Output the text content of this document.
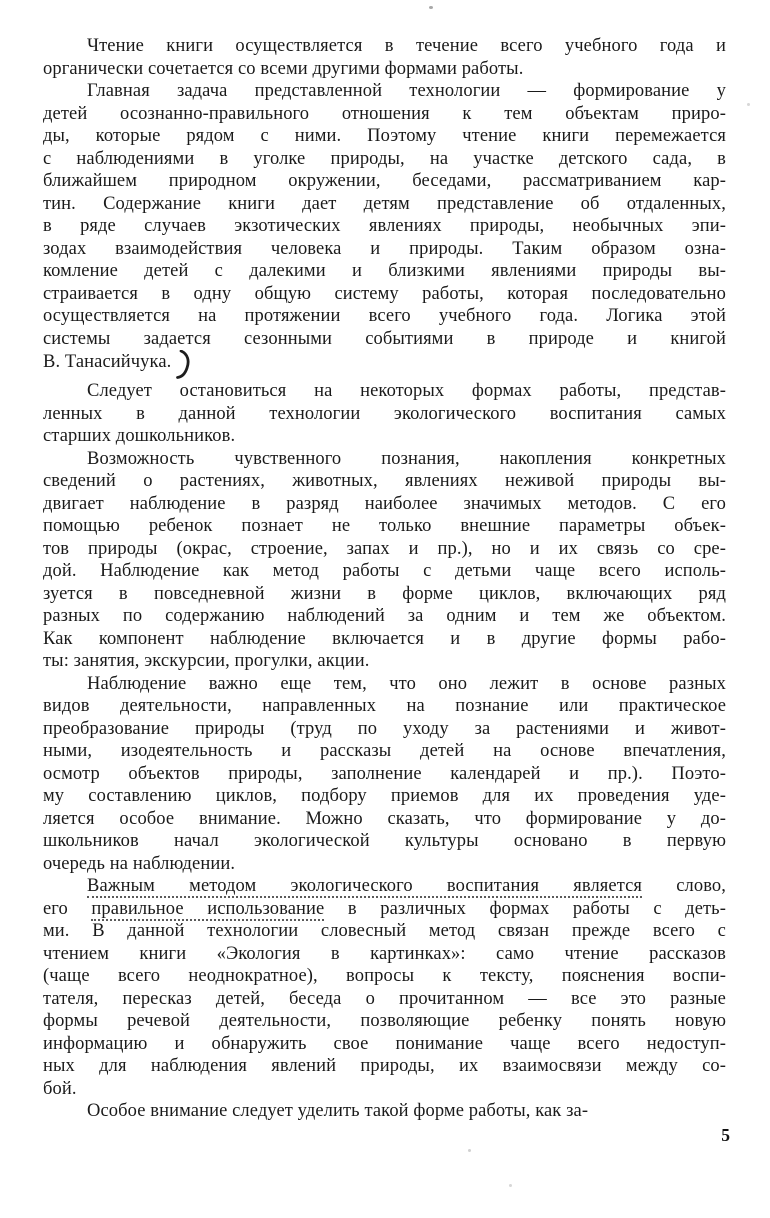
Чтение книги осуществляется в течение всего учебного года и
органически сочетается со всеми другими формами работы.
Главная задача представленной технологии — формирование у
детей осознанно-правильного отношения к тем объектам приро-
ды, которые рядом с ними. Поэтому чтение книги перемежается
с наблюдениями в уголке природы, на участке детского сада, в
ближайшем природном окружении, беседами, рассматриванием кар-
тин. Содержание книги дает детям представление об отдаленных,
в ряде случаев экзотических явлениях природы, необычных эпи-
зодах взаимодействия человека и природы. Таким образом озна-
комление детей с далекими и близкими явлениями природы вы-
страивается в одну общую систему работы, которая последовательно
осуществляется на протяжении всего учебного года. Логика этой
системы задается сезонными событиями в природе и книгой
В. Танасийчука.
Следует остановиться на некоторых формах работы, представ-
ленных в данной технологии экологического воспитания самых
старших дошкольников.
Возможность чувственного познания, накопления конкретных
сведений о растениях, животных, явлениях неживой природы вы-
двигает наблюдение в разряд наиболее значимых методов. С его
помощью ребенок познает не только внешние параметры объек-
тов природы (окрас, строение, запах и пр.), но и их связь со сре-
дой. Наблюдение как метод работы с детьми чаще всего исполь-
зуется в повседневной жизни в форме циклов, включающих ряд
разных по содержанию наблюдений за одним и тем же объектом.
Как компонент наблюдение включается и в другие формы рабо-
ты: занятия, экскурсии, прогулки, акции.
Наблюдение важно еще тем, что оно лежит в основе разных
видов деятельности, направленных на познание или практическое
преобразование природы (труд по уходу за растениями и живот-
ными, изодеятельность и рассказы детей на основе впечатления,
осмотр объектов природы, заполнение календарей и пр.). Поэто-
му составлению циклов, подбору приемов для их проведения уде-
ляется особое внимание. Можно сказать, что формирование у до-
школьников начал экологической культуры основано в первую
очередь на наблюдении.
Важным методом экологического воспитания является слово,
его правильное использование в различных формах работы с деть-
ми. В данной технологии словесный метод связан прежде всего с
чтением книги «Экология в картинках»: само чтение рассказов
(чаще всего неоднократное), вопросы к тексту, пояснения воспи-
тателя, пересказ детей, беседа о прочитанном — все это разные
формы речевой деятельности, позволяющие ребенку понять новую
информацию и обнаружить свое понимание чаще всего недоступ-
ных для наблюдения явлений природы, их взаимосвязи между со-
бой.
Особое внимание следует уделить такой форме работы, как за-
5
